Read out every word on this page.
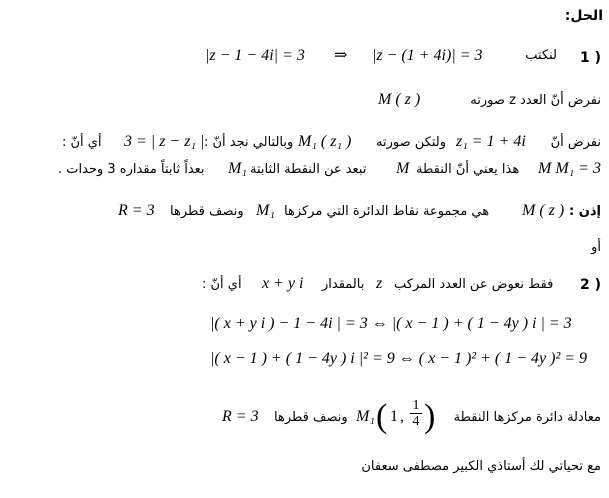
الحل:
1 )
لنكتب
|z − (1 + 4i)| = 3
⇒
|z − 1 − 4i| = 3
نفرض أنّ العدد z صورته
M ( z )
نفرض أنّ
z₁ = 1 + 4i
ولتكن صورته
M₁ ( z₁ )
وبالتالي نجد أنّ :
3 = | z − z₁ |
أي أنّ :
M M₁ = 3
هذا يعني أنّ النقطة
M
تبعد عن النقطة الثابتة
M₁
بعداً ثابتاً مقداره 3 وحدات .
إذن :
M ( z )
هي مجموعة نقاط الدائرة التي مركزها
M₁
ونصف قطرها
R = 3
أو
2 )
فقط نعوض عن العدد المركب
z
بالمقدار
x + y i
أي أنّ :
|( x + y i ) − 1 − 4i | = 3 ⇔ |( x − 1 ) + ( 1 − 4y ) i | = 3
|( x − 1 ) + ( 1 − 4y ) i |² = 9 ⇔ ( x − 1 )² + ( 1 − 4y )² = 9
معادلة دائرة مركزها النقطة
M₁ ( 1 , $\frac{1}{4}$ )
ونصف قطرها
R = 3
مع تحياتي لك أستاذي الكبير مصطفى سعفان
